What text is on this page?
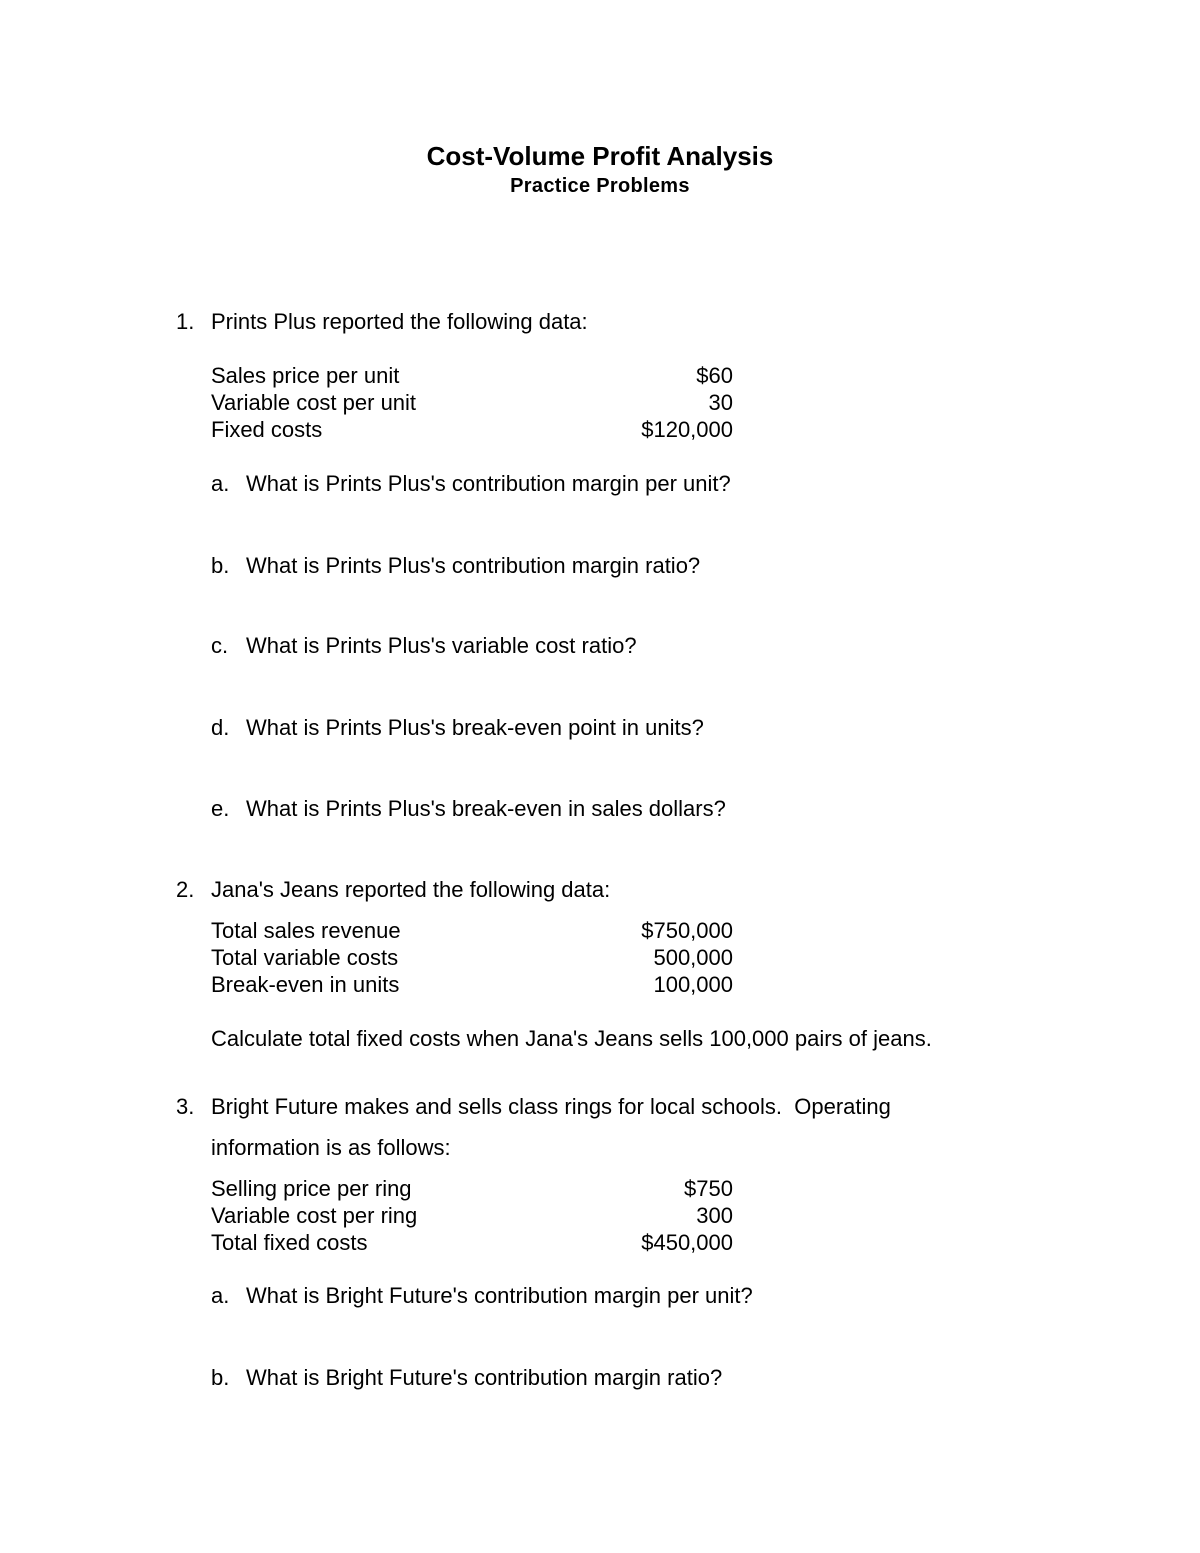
Cost-Volume Profit Analysis
Practice Problems
1. Prints Plus reported the following data:
Sales price per unit	$60
Variable cost per unit	30
Fixed costs	$120,000
a. What is Prints Plus's contribution margin per unit?
b. What is Prints Plus's contribution margin ratio?
c. What is Prints Plus's variable cost ratio?
d. What is Prints Plus's break-even point in units?
e. What is Prints Plus's break-even in sales dollars?
2. Jana's Jeans reported the following data:
Total sales revenue	$750,000
Total variable costs	500,000
Break-even in units	100,000
Calculate total fixed costs when Jana's Jeans sells 100,000 pairs of jeans.
3. Bright Future makes and sells class rings for local schools.  Operating
information is as follows:
Selling price per ring	$750
Variable cost per ring	300
Total fixed costs	$450,000
a. What is Bright Future's contribution margin per unit?
b. What is Bright Future's contribution margin ratio?
